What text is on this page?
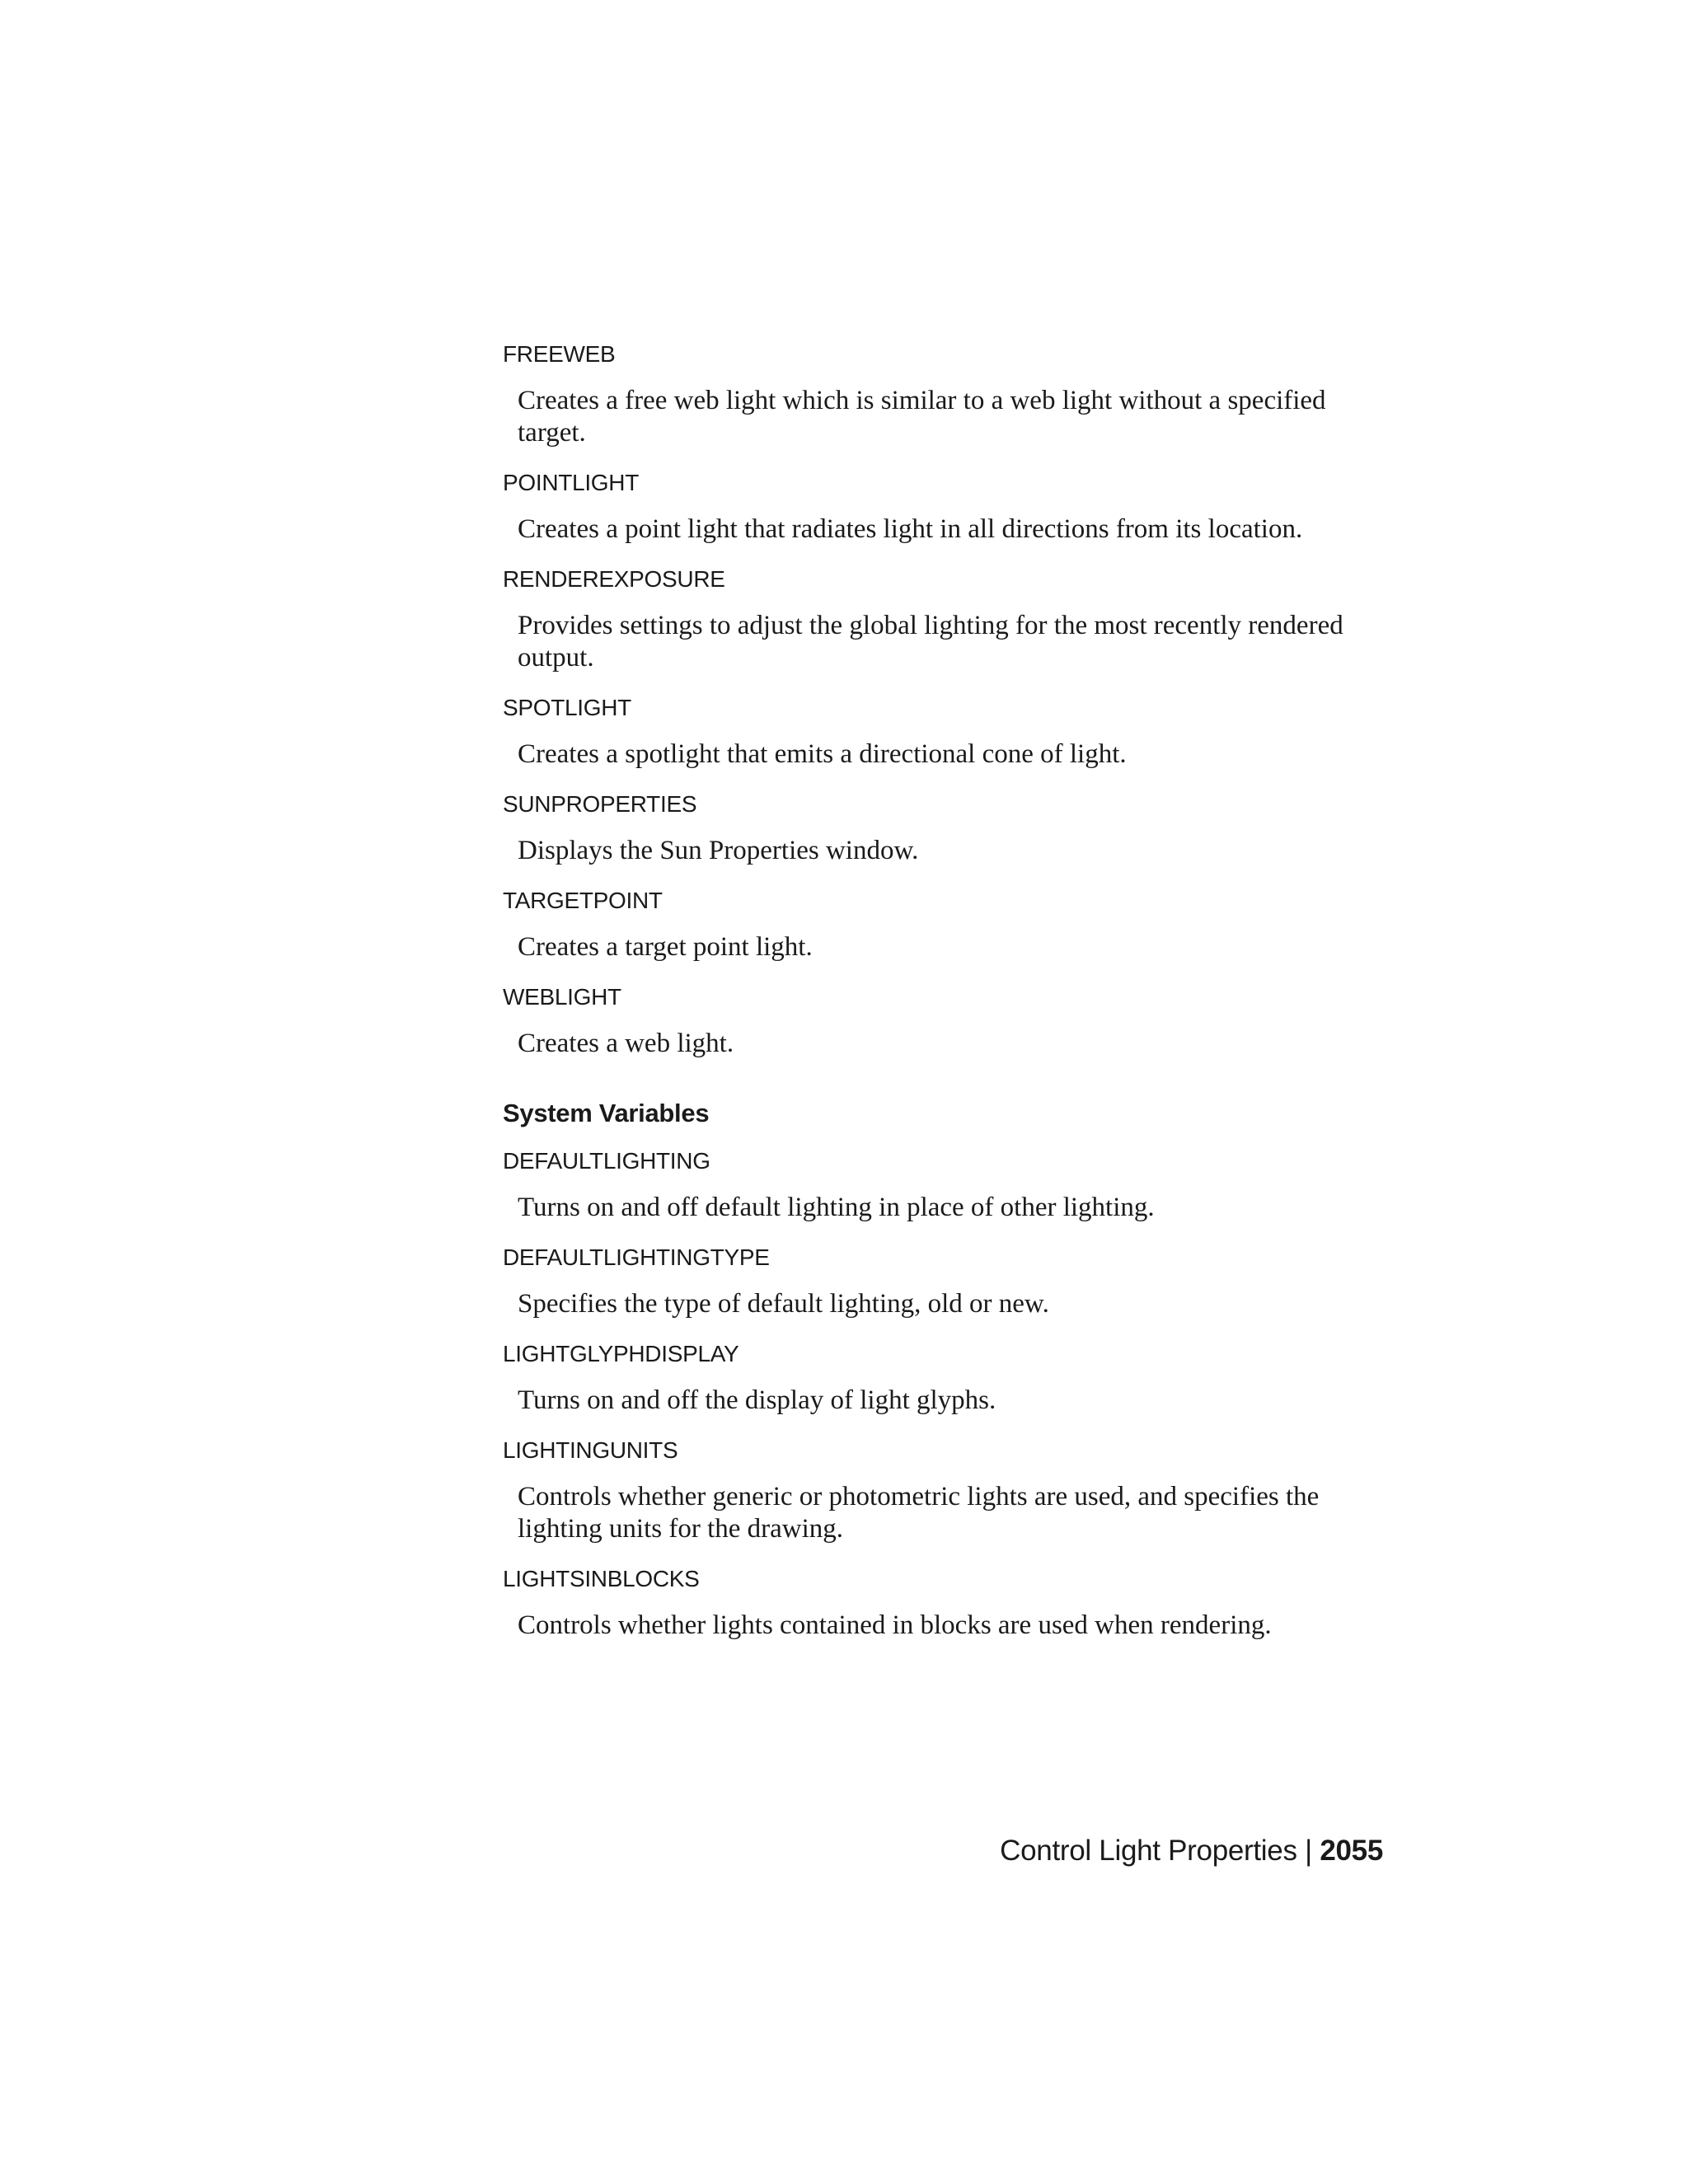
FREEWEB
Creates a free web light which is similar to a web light without a specified target.
POINTLIGHT
Creates a point light that radiates light in all directions from its location.
RENDEREXPOSURE
Provides settings to adjust the global lighting for the most recently rendered output.
SPOTLIGHT
Creates a spotlight that emits a directional cone of light.
SUNPROPERTIES
Displays the Sun Properties window.
TARGETPOINT
Creates a target point light.
WEBLIGHT
Creates a web light.
System Variables
DEFAULTLIGHTING
Turns on and off default lighting in place of other lighting.
DEFAULTLIGHTINGTYPE
Specifies the type of default lighting, old or new.
LIGHTGLYPHDISPLAY
Turns on and off the display of light glyphs.
LIGHTINGUNITS
Controls whether generic or photometric lights are used, and specifies the lighting units for the drawing.
LIGHTSINBLOCKS
Controls whether lights contained in blocks are used when rendering.
Control Light Properties | 2055
